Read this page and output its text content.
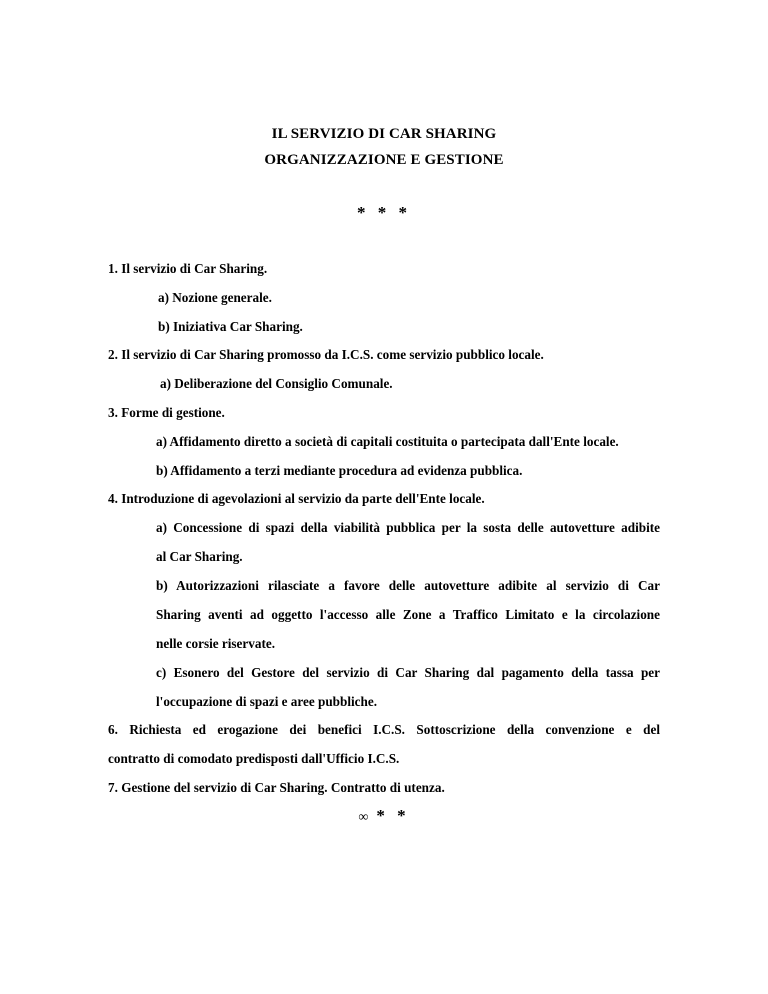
IL SERVIZIO DI CAR SHARING
ORGANIZZAZIONE E GESTIONE
* * *
1. Il servizio di Car Sharing.
a) Nozione generale.
b) Iniziativa Car Sharing.
2. Il servizio di Car Sharing promosso da I.C.S. come servizio pubblico locale.
a) Deliberazione del Consiglio Comunale.
3. Forme di gestione.
a) Affidamento diretto a società di capitali costituita o partecipata dall'Ente locale.
b) Affidamento a terzi mediante procedura ad evidenza pubblica.
4. Introduzione di agevolazioni al servizio da parte dell'Ente locale.
a) Concessione di spazi della viabilità pubblica per la sosta delle autovetture adibite
al Car Sharing.
b) Autorizzazioni rilasciate a favore delle autovetture adibite al servizio di Car
Sharing aventi ad oggetto l'accesso alle Zone a Traffico Limitato e la circolazione
nelle corsie riservate.
c) Esonero del Gestore del servizio di Car Sharing dal pagamento della tassa per
l'occupazione di spazi e aree pubbliche.
6. Richiesta ed erogazione dei benefici I.C.S. Sottoscrizione della convenzione e del
contratto di comodato predisposti dall'Ufficio I.C.S.
7. Gestione del servizio di Car Sharing. Contratto di utenza.
∞ * *
